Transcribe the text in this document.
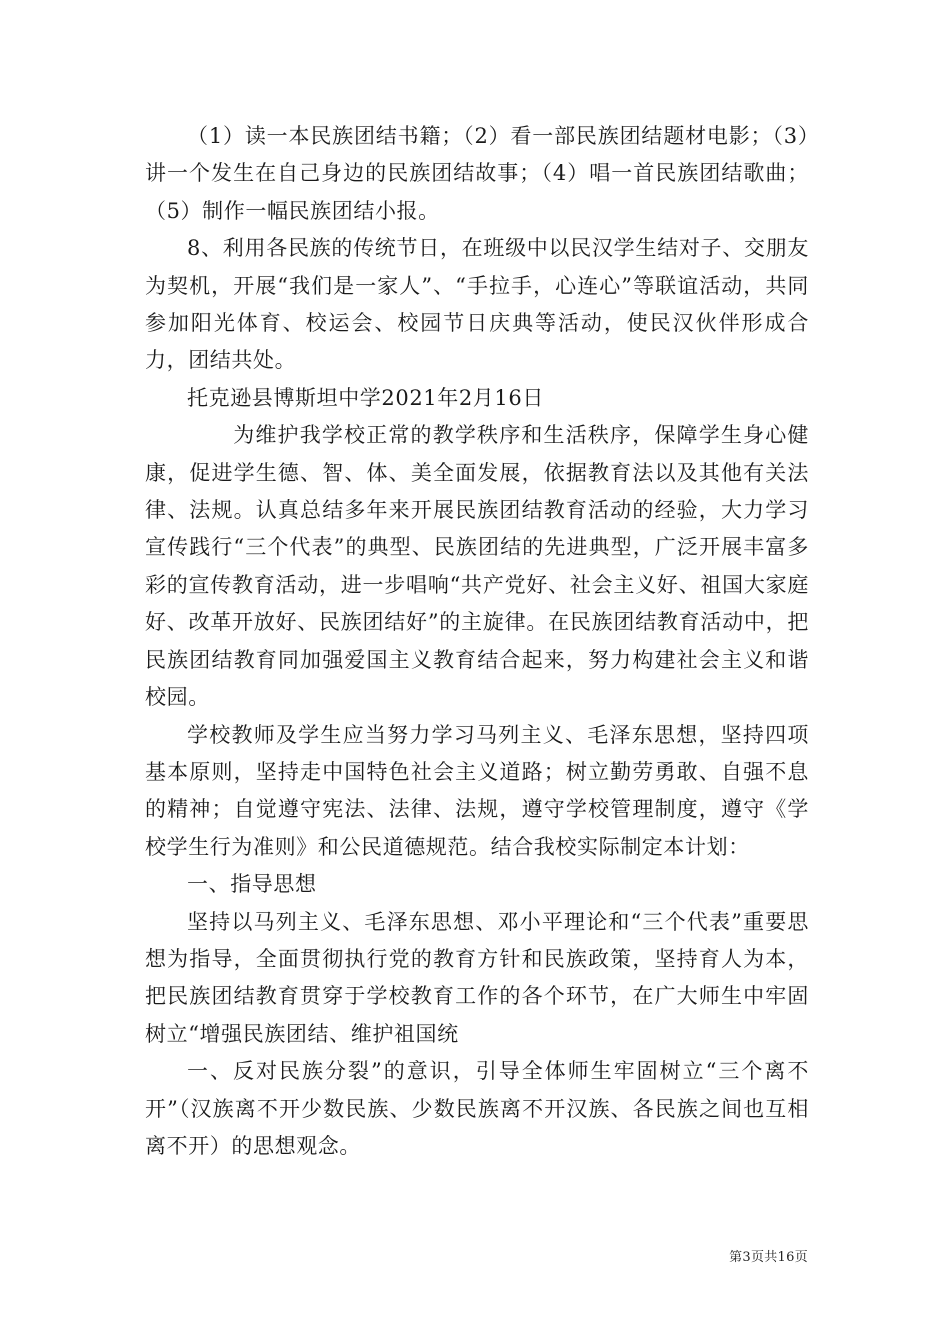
（1）读一本民族团结书籍；（2）看一部民族团结题材电影；（3）讲一个发生在自己身边的民族团结故事；（4）唱一首民族团结歌曲；（5）制作一幅民族团结小报。

8、利用各民族的传统节日，在班级中以民汉学生结对子、交朋友为契机，开展“我们是一家人”、“手拉手，心连心”等联谊活动，共同参加阳光体育、校运会、校园节日庆典等活动，使民汉伙伴形成合力，团结共处。

托克逊县博斯坦中学2021年2月16日

为维护我学校正常的教学秩序和生活秩序，保障学生身心健康，促进学生德、智、体、美全面发展，依据教育法以及其他有关法律、法规。认真总结多年来开展民族团结教育活动的经验，大力学习宣传践行“三个代表”的典型、民族团结的先进典型，广泛开展丰富多彩的宣传教育活动，进一步唱响“共产党好、社会主义好、祖国大家庭好、改革开放好、民族团结好”的主旋律。在民族团结教育活动中，把民族团结教育同加强爱国主义教育结合起来，努力构建社会主义和谐校园。

学校教师及学生应当努力学习马列主义、毛泽东思想，坚持四项基本原则，坚持走中国特色社会主义道路；树立勤劳勇敢、自强不息的精神；自觉遵守宪法、法律、法规，遵守学校管理制度，遵守《学校学生行为准则》和公民道德规范。结合我校实际制定本计划：

一、指导思想

坚持以马列主义、毛泽东思想、邓小平理论和“三个代表”重要思想为指导，全面贯彻执行党的教育方针和民族政策，坚持育人为本，把民族团结教育贯穿于学校教育工作的各个环节，在广大师生中牢固树立“增强民族团结、维护祖国统

一、反对民族分裂”的意识，引导全体师生牢固树立“三个离不开”（汉族离不开少数民族、少数民族离不开汉族、各民族之间也互相离不开）的思想观念。

第3页共16页
